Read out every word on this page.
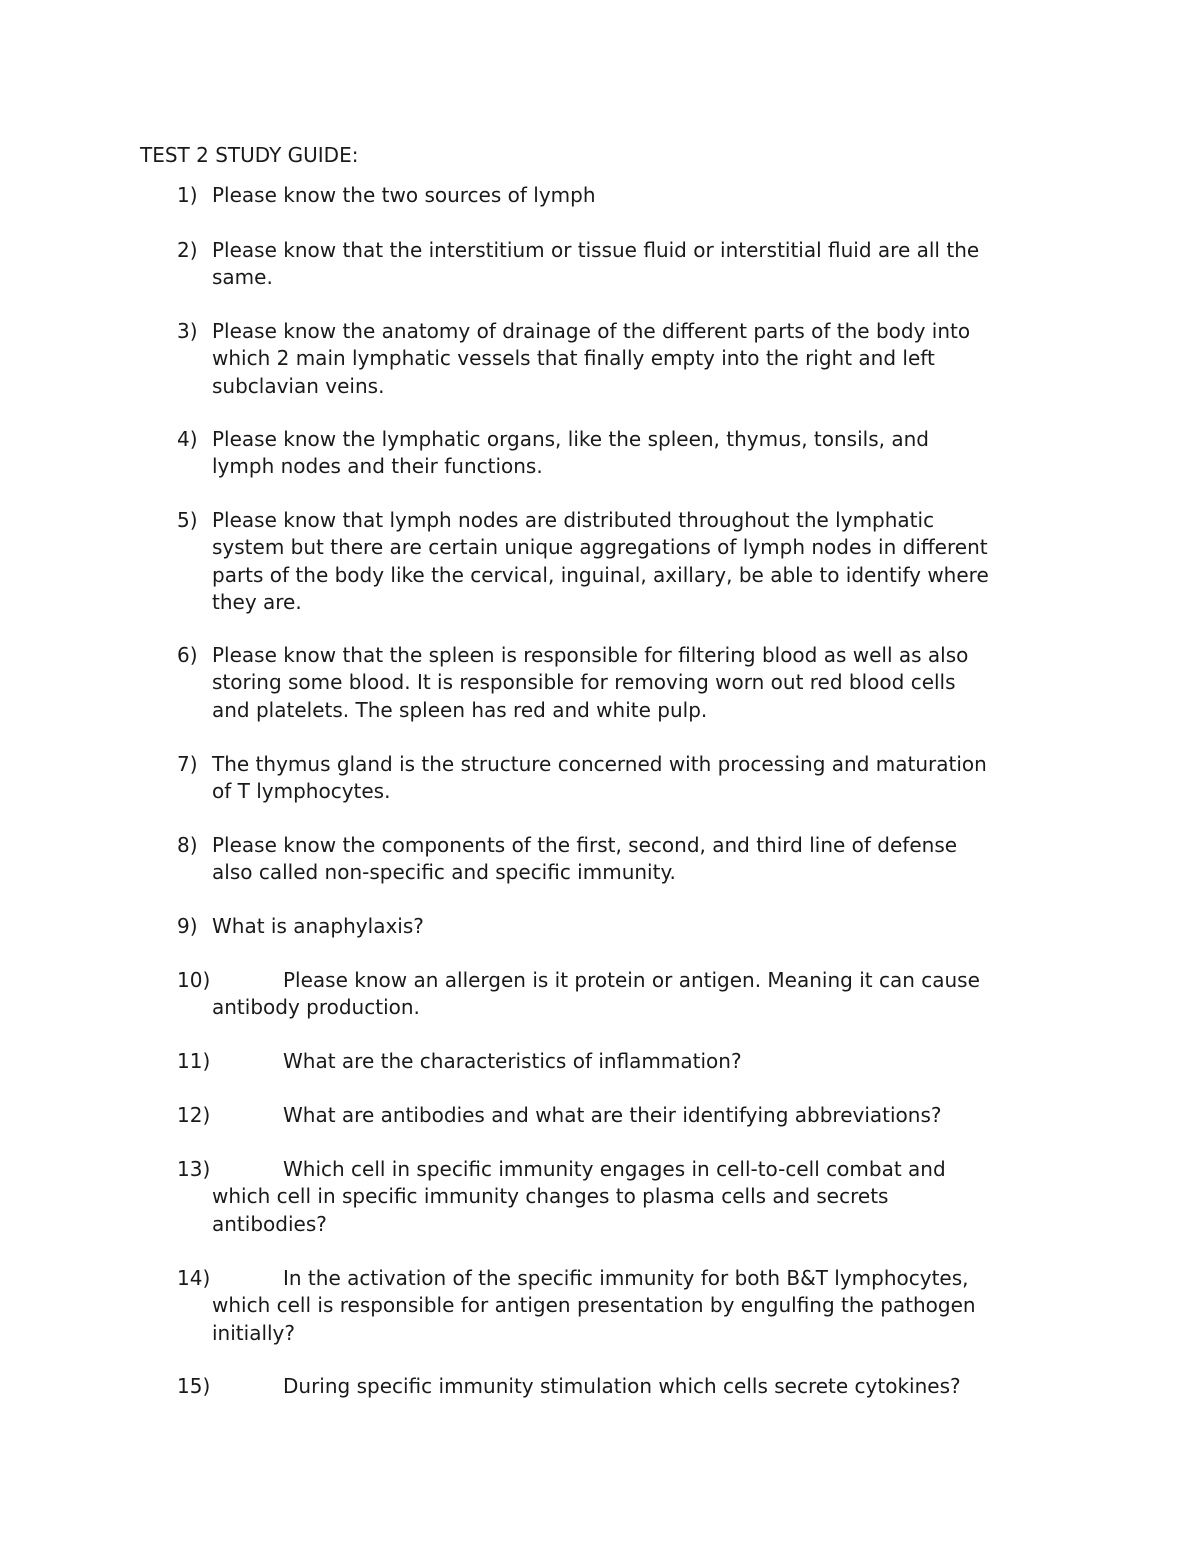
TEST 2 STUDY GUIDE:
1) Please know the two sources of lymph
2) Please know that the interstitium or tissue fluid or interstitial fluid are all the
same.
3) Please know the anatomy of drainage of the different parts of the body into
which 2 main lymphatic vessels that finally empty into the right and left
subclavian veins.
4) Please know the lymphatic organs, like the spleen, thymus, tonsils, and
lymph nodes and their functions.
5) Please know that lymph nodes are distributed throughout the lymphatic
system but there are certain unique aggregations of lymph nodes in different
parts of the body like the cervical, inguinal, axillary, be able to identify where
they are.
6) Please know that the spleen is responsible for filtering blood as well as also
storing some blood. It is responsible for removing worn out red blood cells
and platelets. The spleen has red and white pulp.
7) The thymus gland is the structure concerned with processing and maturation
of T lymphocytes.
8) Please know the components of the first, second, and third line of defense
also called non-specific and specific immunity.
9) What is anaphylaxis?
10)	Please know an allergen is it protein or antigen. Meaning it can cause
antibody production.
11)	What are the characteristics of inflammation?
12)	What are antibodies and what are their identifying abbreviations?
13)	Which cell in specific immunity engages in cell-to-cell combat and
which cell in specific immunity changes to plasma cells and secrets
antibodies?
14)	In the activation of the specific immunity for both B&T lymphocytes,
which cell is responsible for antigen presentation by engulfing the pathogen
initially?
15)	During specific immunity stimulation which cells secrete cytokines?
